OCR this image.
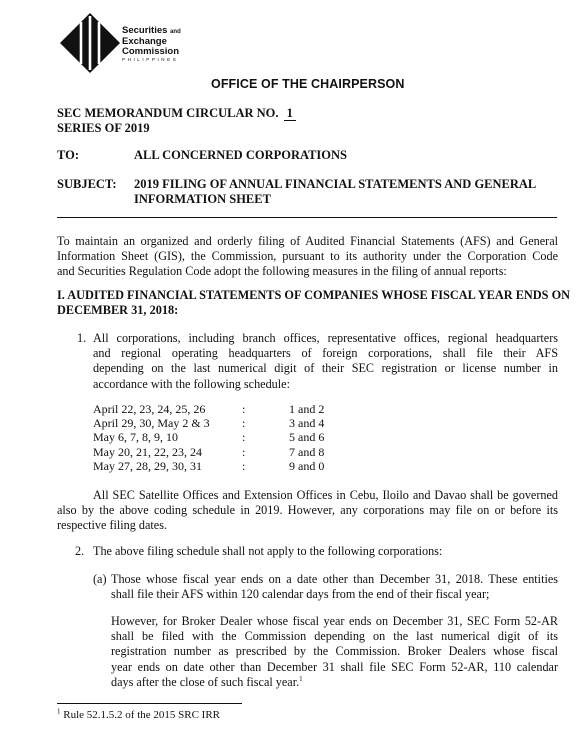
Securities and
Exchange
Commission
PHILIPPINES
OFFICE OF THE CHAIRPERSON
SEC MEMORANDUM CIRCULAR NO. 1
SERIES OF 2019
TO:	ALL CONCERNED CORPORATIONS
SUBJECT: 2019 FILING OF ANNUAL FINANCIAL STATEMENTS AND GENERAL
INFORMATION SHEET
To maintain an organized and orderly filing of Audited Financial Statements (AFS) and General
Information Sheet (GIS), the Commission, pursuant to its authority under the Corporation Code
and Securities Regulation Code adopt the following measures in the filing of annual reports:
I. AUDITED FINANCIAL STATEMENTS OF COMPANIES WHOSE FISCAL YEAR ENDS ON
DECEMBER 31, 2018:
1. All corporations, including branch offices, representative offices, regional headquarters
and regional operating headquarters of foreign corporations, shall file their AFS
depending on the last numerical digit of their SEC registration or license number in
accordance with the following schedule:
April 22, 23, 24, 25, 26	:	1 and 2
April 29, 30, May 2 & 3	:	3 and 4
May 6, 7, 8, 9, 10	:	5 and 6
May 20, 21, 22, 23, 24	:	7 and 8
May 27, 28, 29, 30, 31	:	9 and 0
All SEC Satellite Offices and Extension Offices in Cebu, Iloilo and Davao shall be governed
also by the above coding schedule in 2019. However, any corporations may file on or before its
respective filing dates.
2. The above filing schedule shall not apply to the following corporations:
(a) Those whose fiscal year ends on a date other than December 31, 2018. These entities
shall file their AFS within 120 calendar days from the end of their fiscal year;
However, for Broker Dealer whose fiscal year ends on December 31, SEC Form 52-AR
shall be filed with the Commission depending on the last numerical digit of its
registration number as prescribed by the Commission. Broker Dealers whose fiscal
year ends on date other than December 31 shall file SEC Form 52-AR, 110 calendar
days after the close of such fiscal year.$^1$
$^1$ Rule 52.1.5.2 of the 2015 SRC IRR
